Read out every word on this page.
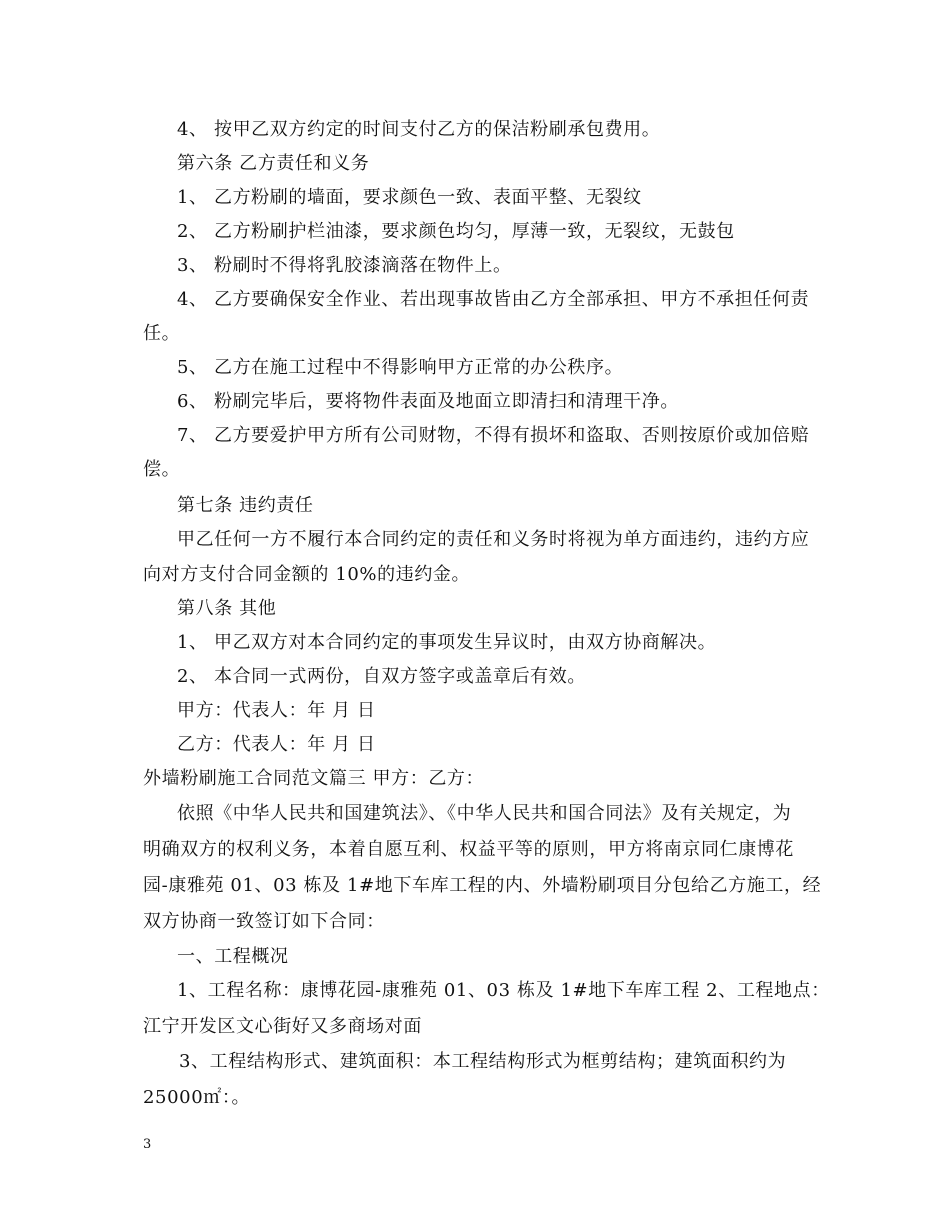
4、 按甲乙双方约定的时间支付乙方的保洁粉刷承包费用。
第六条 乙方责任和义务
1、 乙方粉刷的墙面，要求颜色一致、表面平整、无裂纹
2、 乙方粉刷护栏油漆，要求颜色均匀，厚薄一致，无裂纹，无鼓包
3、 粉刷时不得将乳胶漆滴落在物件上。
4、 乙方要确保安全作业、若出现事故皆由乙方全部承担、甲方不承担任何责
任。
5、 乙方在施工过程中不得影响甲方正常的办公秩序。
6、 粉刷完毕后，要将物件表面及地面立即清扫和清理干净。
7、 乙方要爱护甲方所有公司财物，不得有损坏和盗取、否则按原价或加倍赔
偿。
第七条 违约责任
甲乙任何一方不履行本合同约定的责任和义务时将视为单方面违约，违约方应
向对方支付合同金额的 10%的违约金。
第八条 其他
1、 甲乙双方对本合同约定的事项发生异议时，由双方协商解决。
2、 本合同一式两份，自双方签字或盖章后有效。
甲方：代表人：年 月 日
乙方：代表人：年 月 日
外墙粉刷施工合同范文篇三 甲方：乙方：
依照《中华人民共和国建筑法》、《中华人民共和国合同法》及有关规定，为
明确双方的权利义务，本着自愿互利、权益平等的原则，甲方将南京同仁康博花
园-康雅苑 01、03 栋及 1#地下车库工程的内、外墙粉刷项目分包给乙方施工，经
双方协商一致签订如下合同：
一、工程概况
1、工程名称：康博花园-康雅苑 01、03 栋及 1#地下车库工程 2、工程地点：
江宁开发区文心街好又多商场对面
3、工程结构形式、建筑面积：本工程结构形式为框剪结构；建筑面积约为
25000㎡：。
3
